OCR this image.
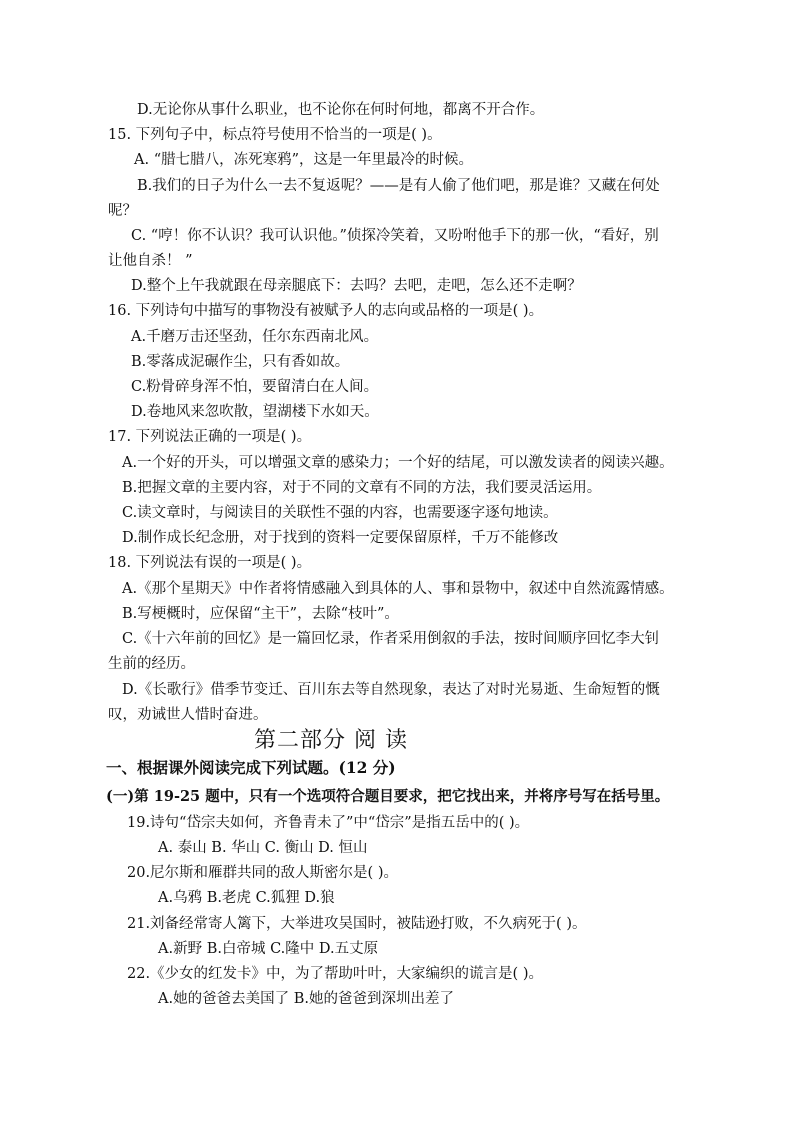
D.无论你从事什么职业，也不论你在何时何地，都离不开合作。
15. 下列句子中，标点符号使用不恰当的一项是( )。
A. “腊七腊八，冻死寒鸦”，这是一年里最冷的时候。
B.我们的日子为什么一去不复返呢？——是有人偷了他们吧，那是谁？又藏在何处
呢？
C. “哼！你不认识？我可认识他。”侦探冷笑着，又吩咐他手下的那一伙，“看好，别
让他自杀！ ”
D.整个上午我就跟在母亲腿底下：去吗？去吧，走吧，怎么还不走啊？
16. 下列诗句中描写的事物没有被赋予人的志向或品格的一项是( )。
A.千磨万击还坚劲，任尔东西南北风。
B.零落成泥碾作尘，只有香如故。
C.粉骨碎身浑不怕，要留清白在人间。
D.卷地风来忽吹散，望湖楼下水如天。
17. 下列说法正确的一项是( )。
A.一个好的开头，可以增强文章的感染力；一个好的结尾，可以激发读者的阅读兴趣。
B.把握文章的主要内容，对于不同的文章有不同的方法，我们要灵活运用。
C.读文章时，与阅读目的关联性不强的内容，也需要逐字逐句地读。
D.制作成长纪念册，对于找到的资料一定要保留原样，千万不能修改
18. 下列说法有误的一项是( )。
A.《那个星期天》中作者将情感融入到具体的人、事和景物中，叙述中自然流露情感。
B.写梗概时，应保留“主干”，去除“枝叶”。
C.《十六年前的回忆》是一篇回忆录，作者采用倒叙的手法，按时间顺序回忆李大钊
生前的经历。
D.《长歌行》借季节变迁、百川东去等自然现象，表达了对时光易逝、生命短暂的慨
叹，劝诫世人惜时奋进。
第二部分 阅 读
一、根据课外阅读完成下列试题。(12 分)
(一)第 19-25 题中，只有一个选项符合题目要求，把它找出来，并将序号写在括号里。
19.诗句“岱宗夫如何，齐鲁青未了”中“岱宗”是指五岳中的( )。
A. 泰山 B. 华山 C. 衡山 D. 恒山
20.尼尔斯和雁群共同的敌人斯密尔是( )。
A.乌鸦 B.老虎 C.狐狸 D.狼
21.刘备经常寄人篱下，大举进攻吴国时，被陆逊打败，不久病死于( )。
A.新野 B.白帝城 C.隆中 D.五丈原
22.《少女的红发卡》中，为了帮助叶叶，大家编织的谎言是( )。
A.她的爸爸去美国了 B.她的爸爸到深圳出差了
